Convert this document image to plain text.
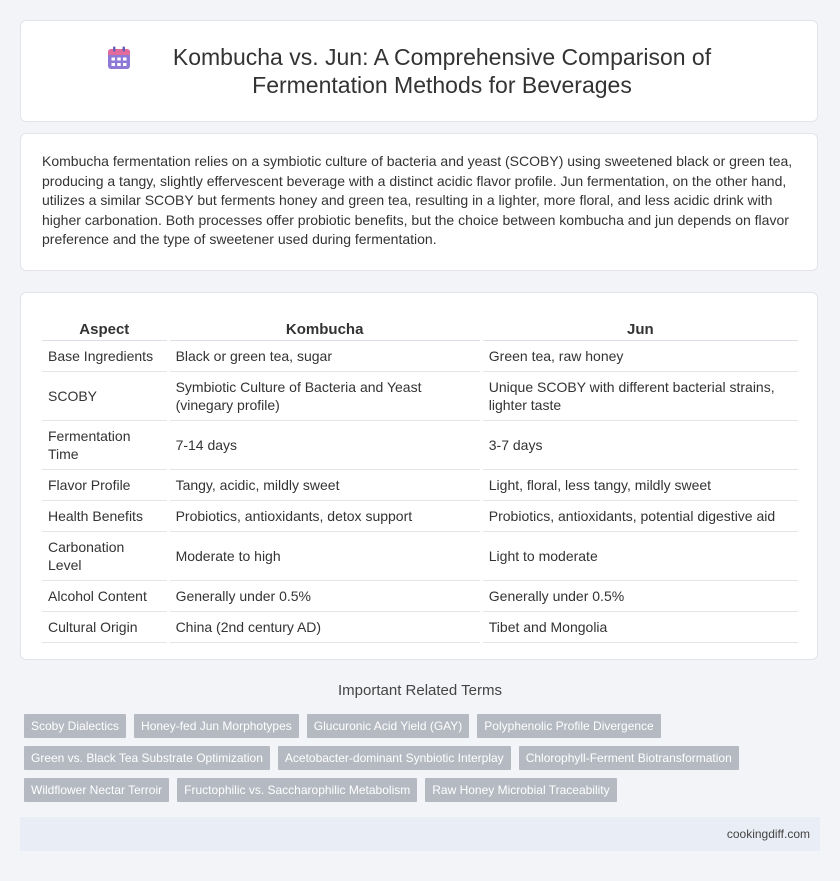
Kombucha vs. Jun: A Comprehensive Comparison of Fermentation Methods for Beverages

Kombucha fermentation relies on a symbiotic culture of bacteria and yeast (SCOBY) using sweetened black or green tea, producing a tangy, slightly effervescent beverage with a distinct acidic flavor profile. Jun fermentation, on the other hand, utilizes a similar SCOBY but ferments honey and green tea, resulting in a lighter, more floral, and less acidic drink with higher carbonation. Both processes offer probiotic benefits, but the choice between kombucha and jun depends on flavor preference and the type of sweetener used during fermentation.

Aspect		Kombucha		Jun
Base Ingredients		Black or green tea, sugar		Green tea, raw honey
SCOBY		Symbiotic Culture of Bacteria and Yeast (vinegary profile)		Unique SCOBY with different bacterial strains, lighter taste
Fermentation Time		7-14 days		3-7 days
Flavor Profile		Tangy, acidic, mildly sweet		Light, floral, less tangy, mildly sweet
Health Benefits		Probiotics, antioxidants, detox support		Probiotics, antioxidants, potential digestive aid
Carbonation Level		Moderate to high		Light to moderate
Alcohol Content		Generally under 0.5%		Generally under 0.5%
Cultural Origin		China (2nd century AD)		Tibet and Mongolia
Important Related Terms
Scoby Dialectics	Honey-fed Jun Morphotypes	Glucuronic Acid Yield (GAY)	Polyphenolic Profile Divergence
Green vs. Black Tea Substrate Optimization	Acetobacter-dominant Synbiotic Interplay	Chlorophyll-Ferment Biotransformation
Wildflower Nectar Terroir	Fructophilic vs. Saccharophilic Metabolism	Raw Honey Microbial Traceability
cookingdiff.com
